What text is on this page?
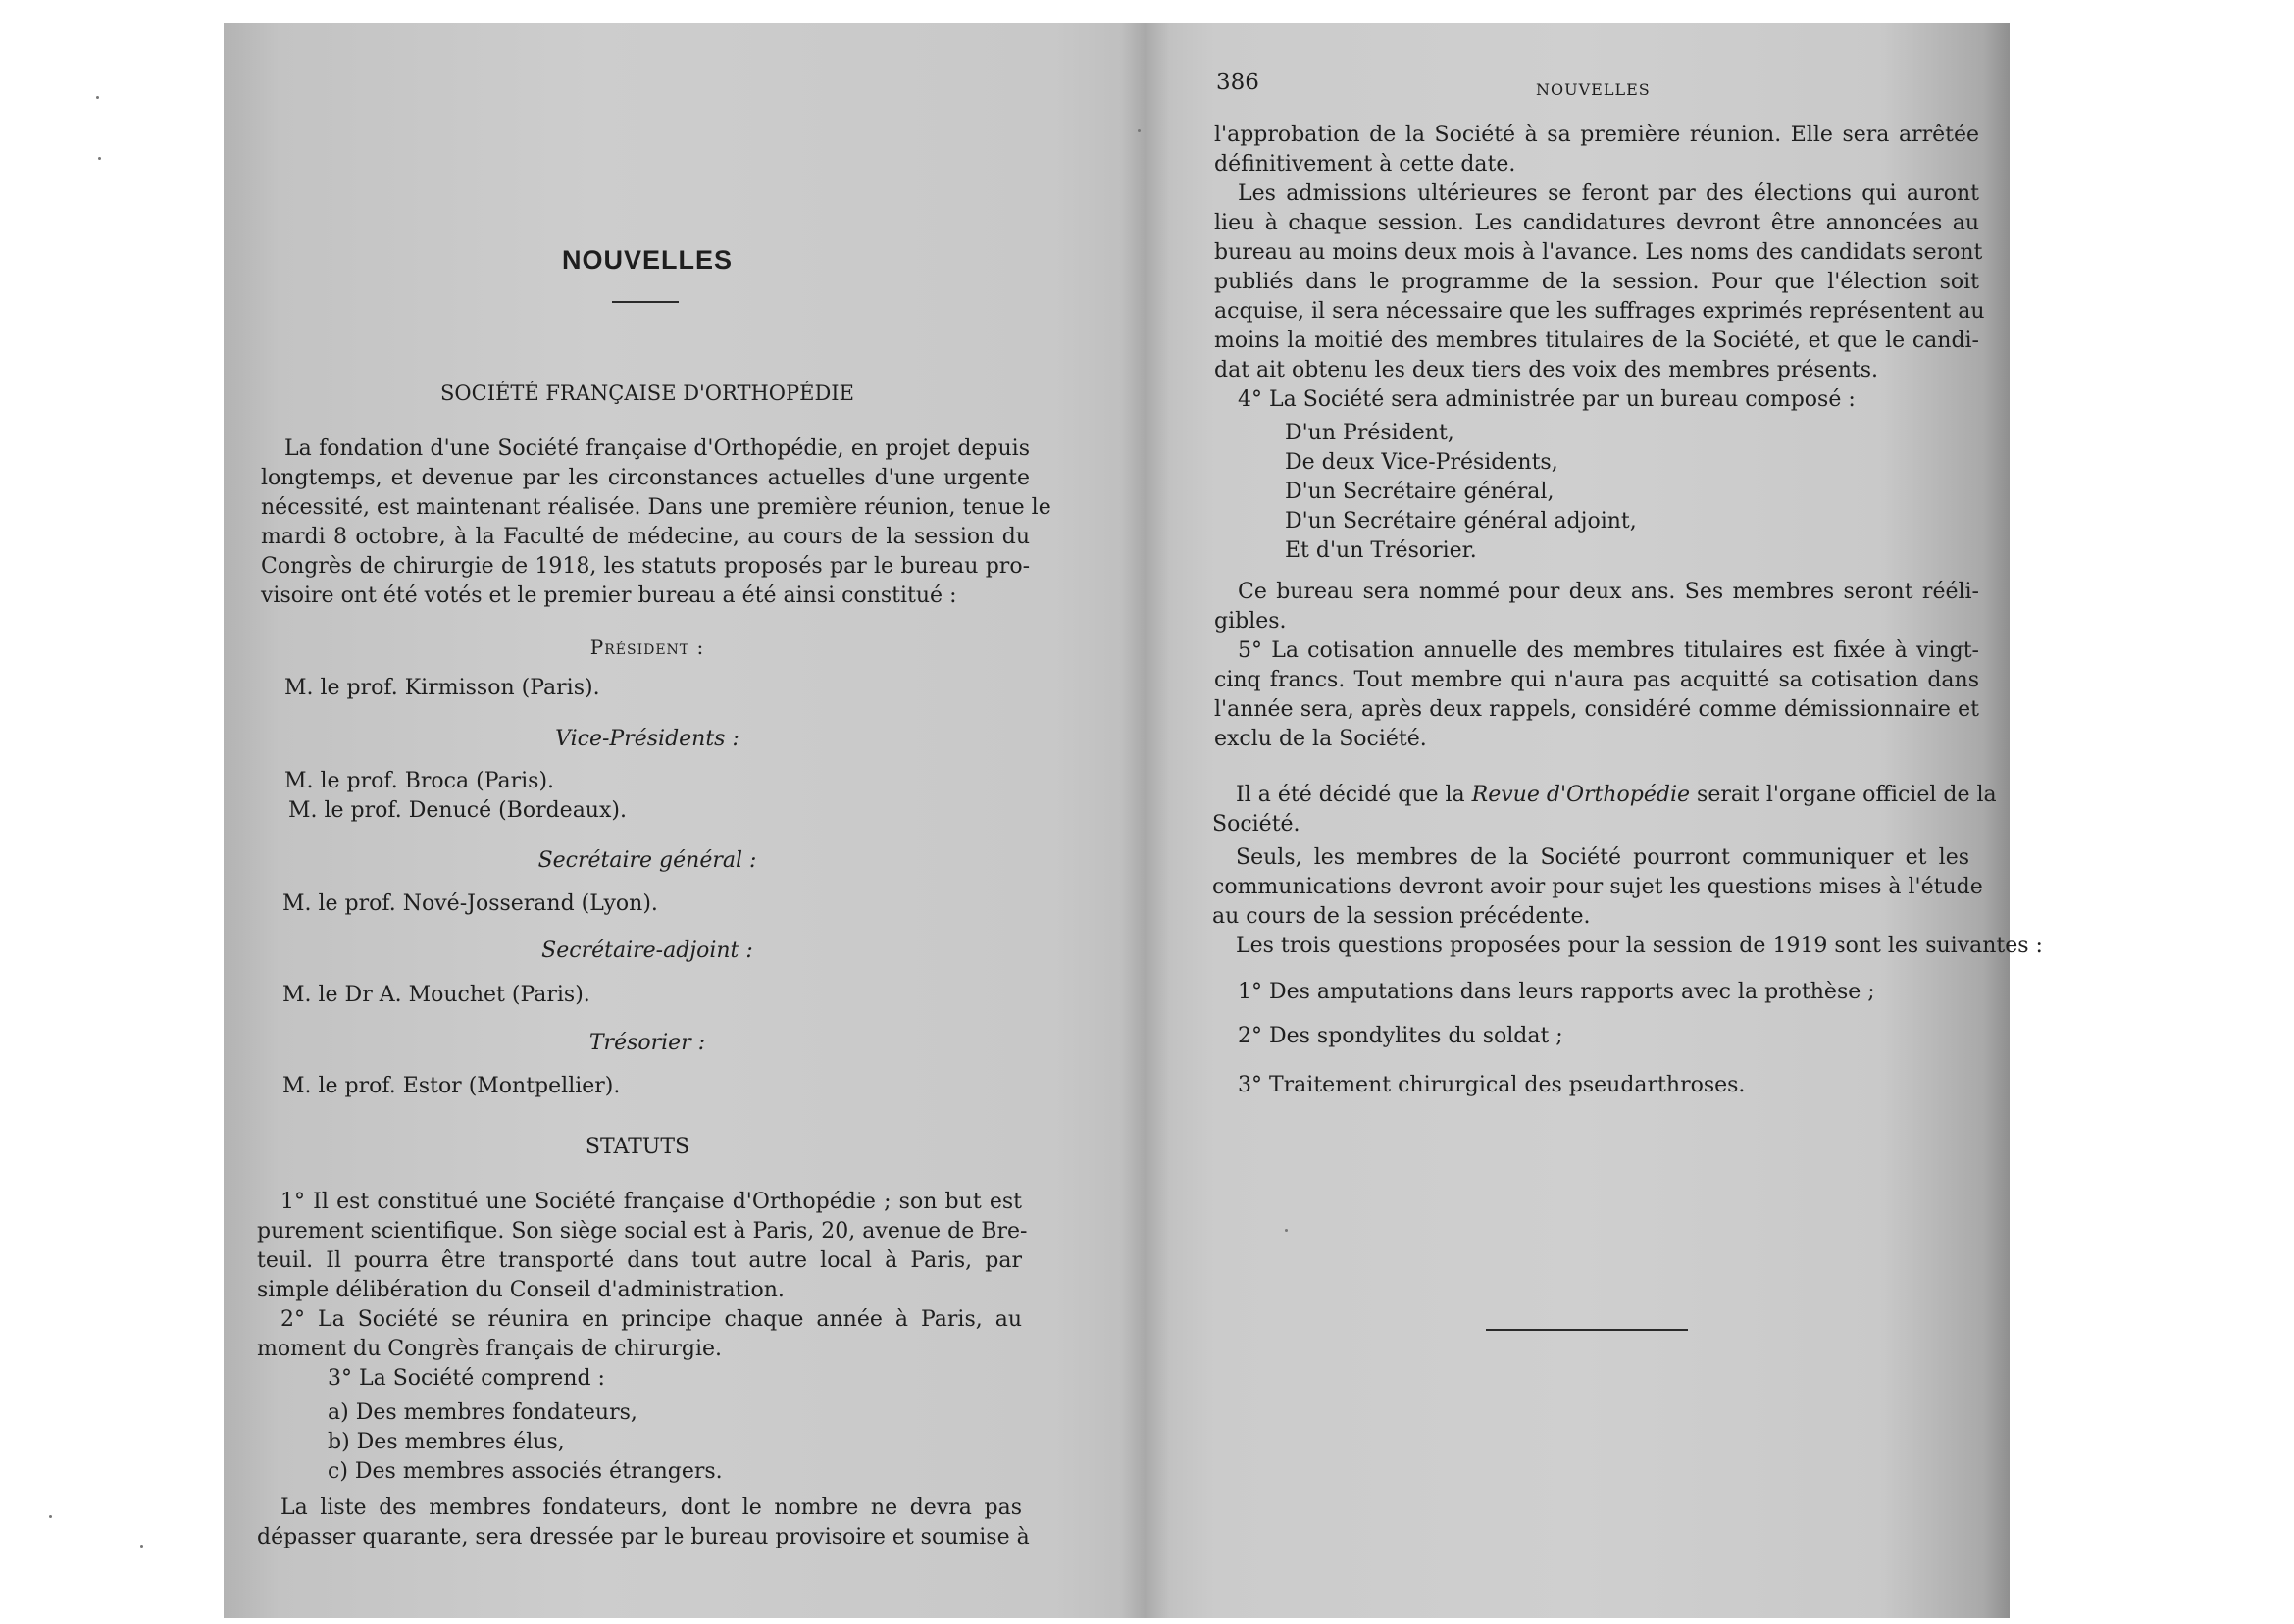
NOUVELLES
SOCIÉTÉ FRANÇAISE D'ORTHOPÉDIE
La fondation d'une Société française d'Orthopédie, en projet depuis
longtemps, et devenue par les circonstances actuelles d'une urgente
nécessité, est maintenant réalisée. Dans une première réunion, tenue le
mardi 8 octobre, à la Faculté de médecine, au cours de la session du
Congrès de chirurgie de 1918, les statuts proposés par le bureau pro-
visoire ont été votés et le premier bureau a été ainsi constitué :
Président :
M. le prof. Kirmisson (Paris).
Vice-Présidents :
M. le prof. Broca (Paris).
M. le prof. Denucé (Bordeaux).
Secrétaire général :
M. le prof. Nové-Josserand (Lyon).
Secrétaire-adjoint :
M. le Dr A. Mouchet (Paris).
Trésorier :
M. le prof. Estor (Montpellier).
STATUTS
1° Il est constitué une Société française d'Orthopédie ; son but est
purement scientifique. Son siège social est à Paris, 20, avenue de Bre-
teuil. Il pourra être transporté dans tout autre local à Paris, par
simple délibération du Conseil d'administration.
2° La Société se réunira en principe chaque année à Paris, au
moment du Congrès français de chirurgie.
3° La Société comprend :
a) Des membres fondateurs,
b) Des membres élus,
c) Des membres associés étrangers.
La liste des membres fondateurs, dont le nombre ne devra pas
dépasser quarante, sera dressée par le bureau provisoire et soumise à
386	NOUVELLES
l'approbation de la Société à sa première réunion. Elle sera arrêtée
définitivement à cette date.
Les admissions ultérieures se feront par des élections qui auront
lieu à chaque session. Les candidatures devront être annoncées au
bureau au moins deux mois à l'avance. Les noms des candidats seront
publiés dans le programme de la session. Pour que l'élection soit
acquise, il sera nécessaire que les suffrages exprimés représentent au
moins la moitié des membres titulaires de la Société, et que le candi-
dat ait obtenu les deux tiers des voix des membres présents.
4° La Société sera administrée par un bureau composé :
D'un Président,
De deux Vice-Présidents,
D'un Secrétaire général,
D'un Secrétaire général adjoint,
Et d'un Trésorier.
Ce bureau sera nommé pour deux ans. Ses membres seront rééli-
gibles.
5° La cotisation annuelle des membres titulaires est fixée à vingt-
cinq francs. Tout membre qui n'aura pas acquitté sa cotisation dans
l'année sera, après deux rappels, considéré comme démissionnaire et
exclu de la Société.
Il a été décidé que la Revue d'Orthopédie serait l'organe officiel de la
Société.
Seuls, les membres de la Société pourront communiquer et les
communications devront avoir pour sujet les questions mises à l'étude
au cours de la session précédente.
Les trois questions proposées pour la session de 1919 sont les suivantes :
1° Des amputations dans leurs rapports avec la prothèse ;
2° Des spondylites du soldat ;
3° Traitement chirurgical des pseudarthroses.
